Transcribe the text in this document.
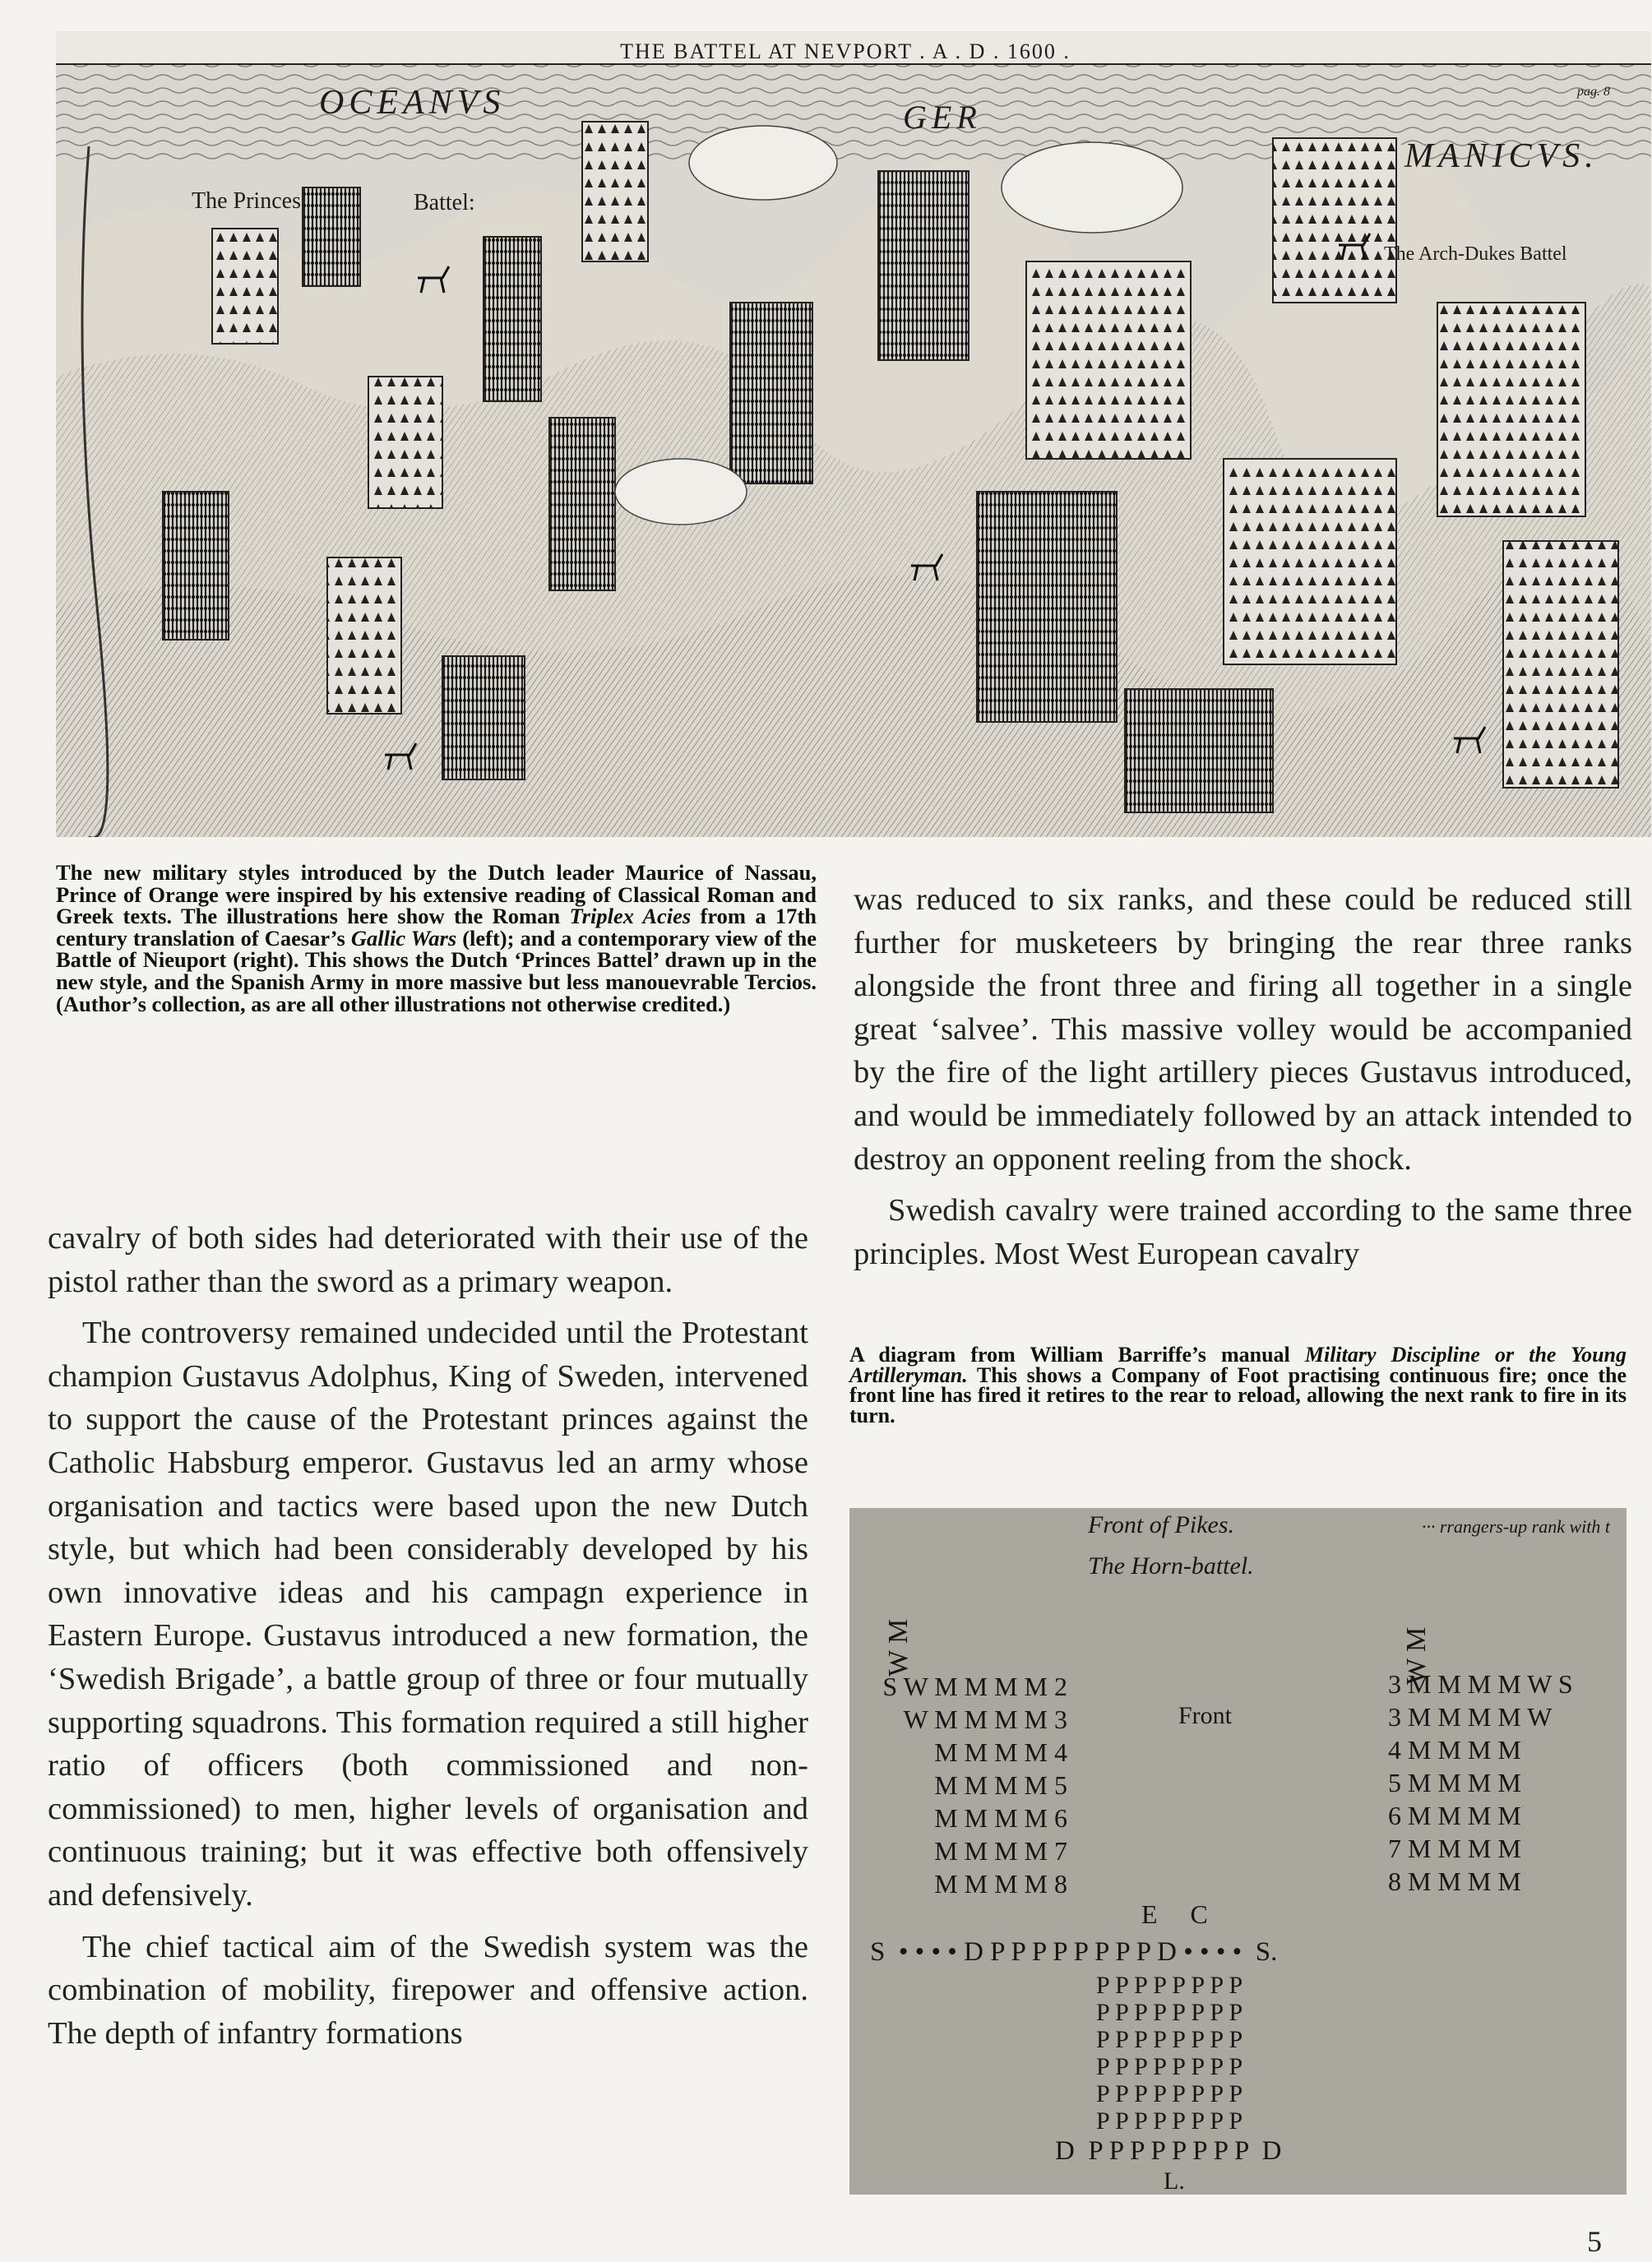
THE BATTEL AT NEVPORT . A . D . 1600 .
pag. 8
OCEANVS	GER
MANICVS.
The Princes	Battel:
The Arch-Dukes Battel

The new military styles introduced by the Dutch leader Maurice of Nassau, Prince of Orange were inspired by his extensive reading of Classical Roman and Greek texts. The illustrations here show the Roman Triplex Acies from a 17th century translation of Caesar’s Gallic Wars (left); and a contemporary view of the Battle of Nieuport (right). This shows the Dutch ‘Princes Battel’ drawn up in the new style, and the Spanish Army in more massive but less manouevrable Tercios. (Author’s collection, as are all other illustrations not otherwise credited.)

cavalry of both sides had deteriorated with their use of the pistol rather than the sword as a primary weapon.

The controversy remained undecided until the Protestant champion Gustavus Adolphus, King of Sweden, intervened to support the cause of the Protestant princes against the Catholic Habsburg emperor. Gustavus led an army whose organisation and tactics were based upon the new Dutch style, but which had been considerably developed by his own innovative ideas and his campagn experience in Eastern Europe. Gustavus introduced a new formation, the ‘Swedish Brigade’, a battle group of three or four mutually supporting squadrons. This formation required a still higher ratio of officers (both commissioned and non-commissioned) to men, higher levels of organisation and continuous training; but it was effective both offensively and defensively.

The chief tactical aim of the Swedish system was the combination of mobility, firepower and offensive action. The depth of infantry formations

was reduced to six ranks, and these could be reduced still further for musketeers by bringing the rear three ranks alongside the front three and firing all together in a single great ‘salvee’. This massive volley would be accompanied by the fire of the light artillery pieces Gustavus introduced, and would be immediately followed by an attack intended to destroy an opponent reeling from the shock.

Swedish cavalry were trained according to the same three principles. Most West European cavalry

A diagram from William Barriffe’s manual Military Discipline or the Young Artilleryman. This shows a Company of Foot practising continuous fire; once the front line has fired it retires to the rear to reload, allowing the next rank to fire in its turn.

Front of Pikes.
The Horn-battel.
··· rrangers-up rank with t
W M	W M
Front
S W M M M M 2
W M M M M 3
M M M M 4
M M M M 5
M M M M 6
M M M M 7
M M M M 8
3 M M M M W S
3 M M M M W
4 M M M M
5 M M M M
6 M M M M
7 M M M M
8 M M M M
E     C
S  • • • • D P P P P P P P P D • • • •  S.
P P P P P P P P
P P P P P P P P
P P P P P P P P
P P P P P P P P
P P P P P P P P
P P P P P P P P
D  P P P P P P P P  D
L.
5
